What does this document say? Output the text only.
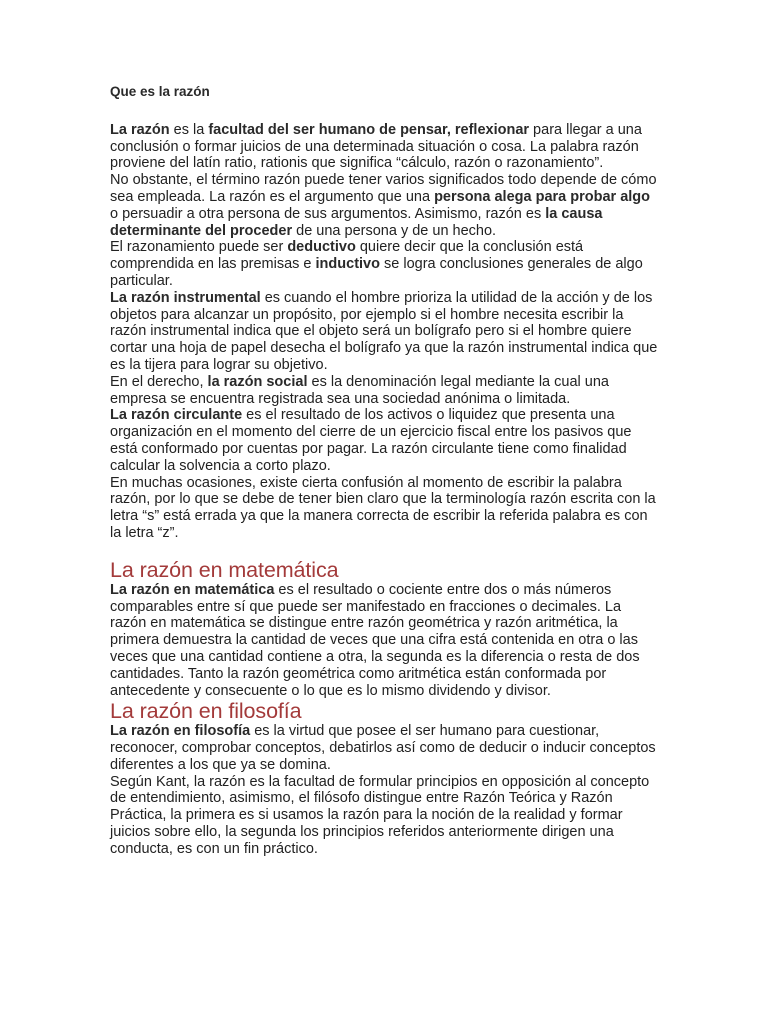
Que es la razón

La razón es la facultad del ser humano de pensar, reflexionar para llegar a una conclusión o formar juicios de una determinada situación o cosa. La palabra razón proviene del latín ratio, rationis que significa “cálculo, razón o razonamiento”.

No obstante, el término razón puede tener varios significados todo depende de cómo sea empleada. La razón es el argumento que una persona alega para probar algo o persuadir a otra persona de sus argumentos. Asimismo, razón es la causa determinante del proceder de una persona y de un hecho.

El razonamiento puede ser deductivo quiere decir que la conclusión está comprendida en las premisas e inductivo se logra conclusiones generales de algo particular.

La razón instrumental es cuando el hombre prioriza la utilidad de la acción y de los objetos para alcanzar un propósito, por ejemplo si el hombre necesita escribir la razón instrumental indica que el objeto será un bolígrafo pero si el hombre quiere cortar una hoja de papel desecha el bolígrafo ya que la razón instrumental indica que es la tijera para lograr su objetivo.

En el derecho, la razón social es la denominación legal mediante la cual una empresa se encuentra registrada sea una sociedad anónima o limitada.

La razón circulante es el resultado de los activos o liquidez que presenta una organización en el momento del cierre de un ejercicio fiscal entre los pasivos que está conformado por cuentas por pagar. La razón circulante tiene como finalidad calcular la solvencia a corto plazo.

En muchas ocasiones, existe cierta confusión al momento de escribir la palabra razón, por lo que se debe de tener bien claro que la terminología razón escrita con la letra “s” está errada ya que la manera correcta de escribir la referida palabra es con la letra “z”.

La razón en matemática

La razón en matemática es el resultado o cociente entre dos o más números comparables entre sí que puede ser manifestado en fracciones o decimales. La razón en matemática se distingue entre razón geométrica y razón aritmética, la primera demuestra la cantidad de veces que una cifra está contenida en otra o las veces que una cantidad contiene a otra, la segunda es la diferencia o resta de dos cantidades. Tanto la razón geométrica como aritmética están conformada por antecedente y consecuente o lo que es lo mismo dividendo y divisor.

La razón en filosofía

La razón en filosofía es la virtud que posee el ser humano para cuestionar, reconocer, comprobar conceptos, debatirlos así como de deducir o inducir conceptos diferentes a los que ya se domina.

Según Kant, la razón es la facultad de formular principios en opposición al concepto de entendimiento, asimismo, el filósofo distingue entre Razón Teórica y Razón Práctica, la primera es si usamos la razón para la noción de la realidad y formar juicios sobre ello, la segunda los principios referidos anteriormente dirigen una conducta, es con un fin práctico.
